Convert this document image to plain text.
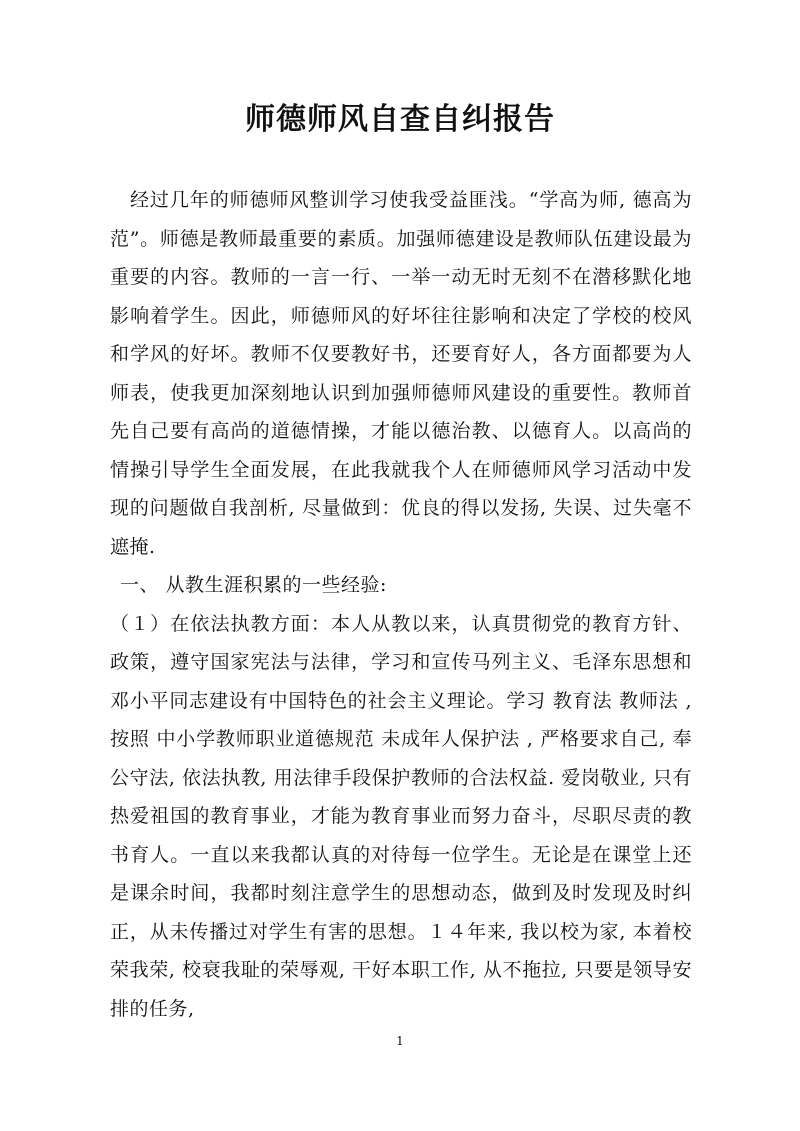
师德师风自查自纠报告

经过几年的师德师风整训学习使我受益匪浅。“学高为师, 德高为范”。师德是教师最重要的素质。加强师德建设是教师队伍建设最为重要的内容。教师的一言一行、一举一动无时无刻不在潜移默化地影响着学生。因此，师德师风的好坏往往影响和决定了学校的校风和学风的好坏。教师不仅要教好书，还要育好人，各方面都要为人师表，使我更加深刻地认识到加强师德师风建设的重要性。教师首先自己要有高尚的道德情操，才能以德治教、以德育人。以高尚的情操引导学生全面发展，在此我就我个人在师德师风学习活动中发现的问题做自我剖析, 尽量做到：优良的得以发扬, 失误、过失毫不遮掩.

一、 从教生涯积累的一些经验:

（１）在依法执教方面：本人从教以来，认真贯彻党的教育方针、政策，遵守国家宪法与法律，学习和宣传马列主义、毛泽东思想和邓小平同志建设有中国特色的社会主义理论。学习 教育法 教师法 , 按照 中小学教师职业道德规范 未成年人保护法 , 严格要求自己, 奉公守法, 依法执教, 用法律手段保护教师的合法权益. 爱岗敬业, 只有热爱祖国的教育事业，才能为教育事业而努力奋斗，尽职尽责的教书育人。一直以来我都认真的对待每一位学生。无论是在课堂上还是课余时间，我都时刻注意学生的思想动态，做到及时发现及时纠正，从未传播过对学生有害的思想。１４年来, 我以校为家, 本着校荣我荣, 校衰我耻的荣辱观, 干好本职工作, 从不拖拉, 只要是领导安排的任务,

1
